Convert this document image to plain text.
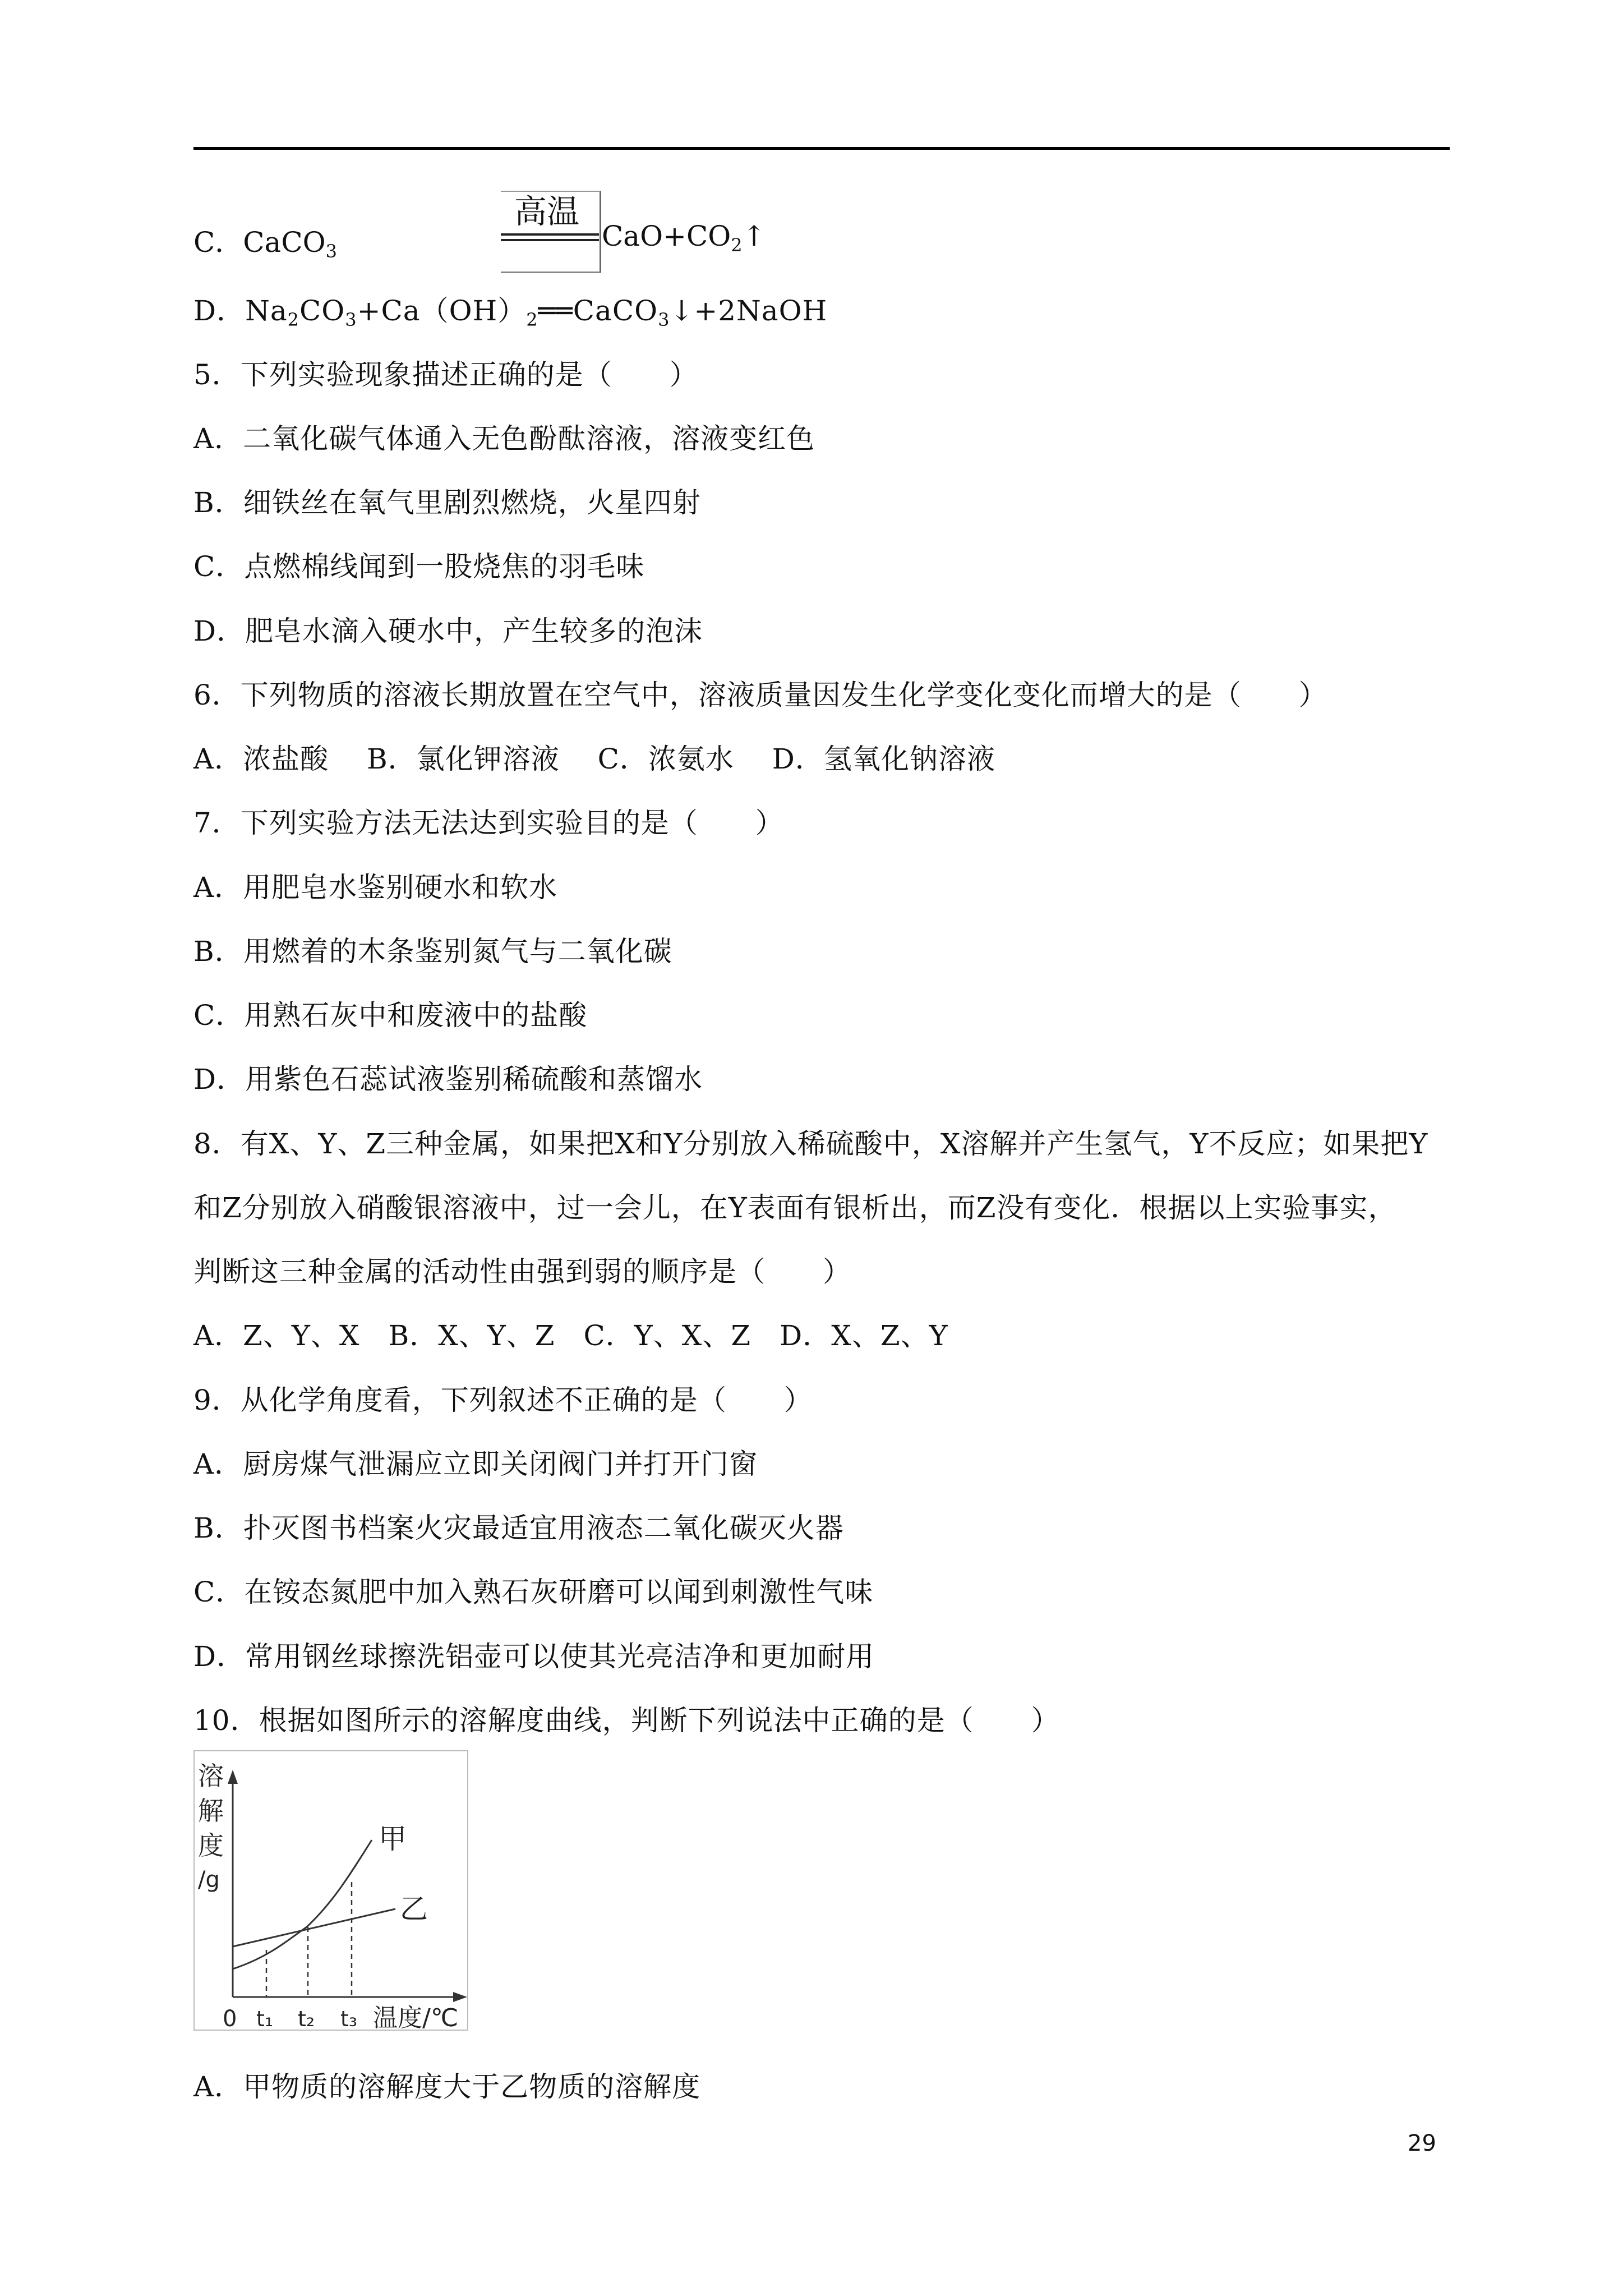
C．CaCO$_3$
高温
$CaO+CO_2↑$
D．$Na_2CO_3+Ca(OH)_2══CaCO_3↓+2NaOH$
5．下列实验现象描述正确的是（　　）
A．二氧化碳气体通入无色酚酞溶液，溶液变红色
B．细铁丝在氧气里剧烈燃烧，火星四射
C．点燃棉线闻到一股烧焦的羽毛味
D．肥皂水滴入硬水中，产生较多的泡沫
6．下列物质的溶液长期放置在空气中，溶液质量因发生化学变化变化而增大的是（　　）
A．浓盐酸　 B．氯化钾溶液　 C．浓氨水　 D．氢氧化钠溶液
7．下列实验方法无法达到实验目的是（　　）
A．用肥皂水鉴别硬水和软水
B．用燃着的木条鉴别氮气与二氧化碳
C．用熟石灰中和废液中的盐酸
D．用紫色石蕊试液鉴别稀硫酸和蒸馏水
8．有X、Y、Z三种金属，如果把X和Y分别放入稀硫酸中，X溶解并产生氢气，Y不反应；如果把Y
和Z分别放入硝酸银溶液中，过一会儿，在Y表面有银析出，而Z没有变化．根据以上实验事实，
判断这三种金属的活动性由强到弱的顺序是（　　）
A．Z、Y、X　B．X、Y、Z　C．Y、X、Z　D．X、Z、Y
9．从化学角度看，下列叙述不正确的是（　　）
A．厨房煤气泄漏应立即关闭阀门并打开门窗
B．扑灭图书档案火灾最适宜用液态二氧化碳灭火器
C．在铵态氮肥中加入熟石灰研磨可以闻到刺激性气味
D．常用钢丝球擦洗铝壶可以使其光亮洁净和更加耐用
10．根据如图所示的溶解度曲线，判断下列说法中正确的是（　　）
溶
解
度
/g
甲
乙
0 t₁ t₂ t₃ 温度/℃
A．甲物质的溶解度大于乙物质的溶解度
29
